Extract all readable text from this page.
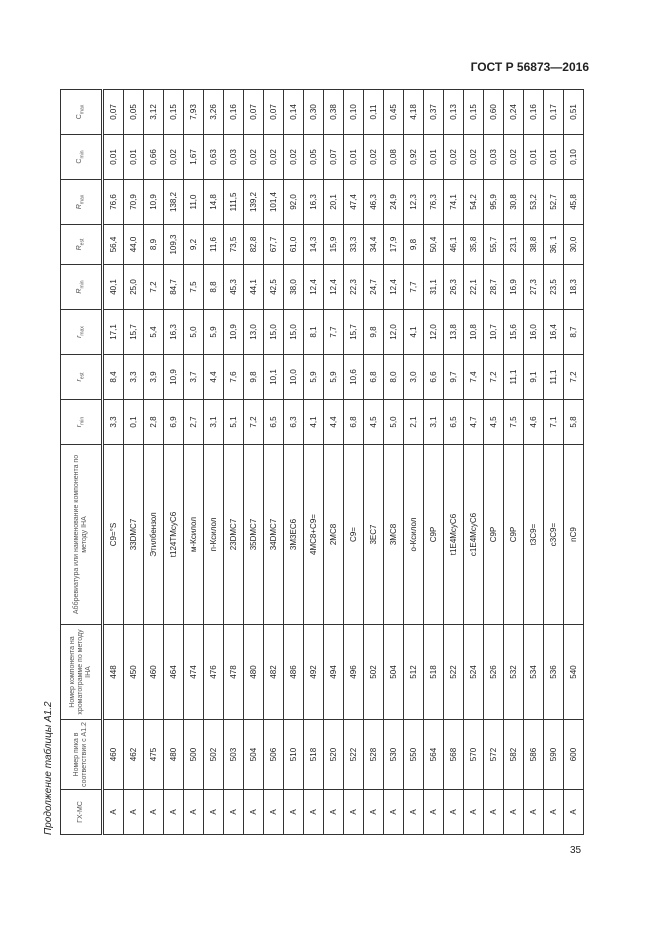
ГОСТ Р 56873—2016
Продолжение таблицы А1.2	ГХ-МС	Номер пика в соответствии с А1.2	Номер компонента на хроматограмме по методу IHA	Аббревиатура или наименование компонента по методу IHA	$r_{min}$	$r_{est}$	$r_{max}$	$R_{min}$	$R_{est}$	$R_{max}$	$C_{min}$	$C_{max}$
А	460	448	C9=°S	3,3	8,4	17,1	40,1	56,4	76,6	0,01	0,07
А	462	450	33DMC7	0,1	3,3	15,7	25,0	44,0	70,9	0,01	0,05
А	475	460	Этилбензол	2,8	3,9	5,4	7,2	8,9	10,9	0,66	3,12
А	480	464	t124TMcyC6	6,9	10,9	16,3	84,7	109,3	138,2	0,02	0,15
А	500	474	м-Ксилол	2,7	3,7	5,0	7,5	9,2	11,0	1,67	7,93
А	502	476	п-Ксилол	3,1	4,4	5,9	8,8	11,6	14,8	0,63	3,26
А	503	478	23DMC7	5,1	7,6	10,9	45,3	73,5	111,5	0,03	0,16
А	504	480	35DMC7	7,2	9,8	13,0	44,1	82,8	139,2	0,02	0,07
А	506	482	34DMC7	6,5	10,1	15,0	42,5	67,7	101,4	0,02	0,07
А	510	486	3M3EC6	6,3	10,0	15,0	38,0	61,0	92,0	0,02	0,14
А	518	492	4MC8+C9=	4,1	5,9	8,1	12,4	14,3	16,3	0,05	0,30
А	520	494	2MC8	4,4	5,9	7,7	12,4	15,9	20,1	0,07	0,38
А	522	496	C9=	6,8	10,6	15,7	22,3	33,3	47,4	0,01	0,10
А	528	502	3EC7	4,5	6,8	9,8	24,7	34,4	46,3	0,02	0,11
А	530	504	3MC8	5,0	8,0	12,0	12,4	17,9	24,9	0,08	0,45
А	550	512	о-Ксилол	2,1	3,0	4,1	7,7	9,8	12,3	0,92	4,18
А	564	518	C9P	3,1	6,6	12,0	31,1	50,4	76,3	0,01	0,37
А	568	522	t1E4McyC6	6,5	9,7	13,8	26,3	46,1	74,1	0,02	0,13
А	570	524	c1E4McyC6	4,7	7,4	10,8	22,1	35,8	54,2	0,02	0,15
А	572	526	C9P	4,5	7,2	10,7	28,7	55,7	95,9	0,03	0,60
А	582	532	C9P	7,5	11,1	15,6	16,9	23,1	30,8	0,02	0,24
А	586	534	t3C9=	4,6	9,1	16,0	27,3	38,8	53,2	0,01	0,16
А	590	536	c3C9=	7,1	11,1	16,4	23,5	36, 1	52,7	0,01	0,17
А	600	540	nC9	5,8	7,2	8,7	18,3	30,0	45,8	0,10	0,51
35
